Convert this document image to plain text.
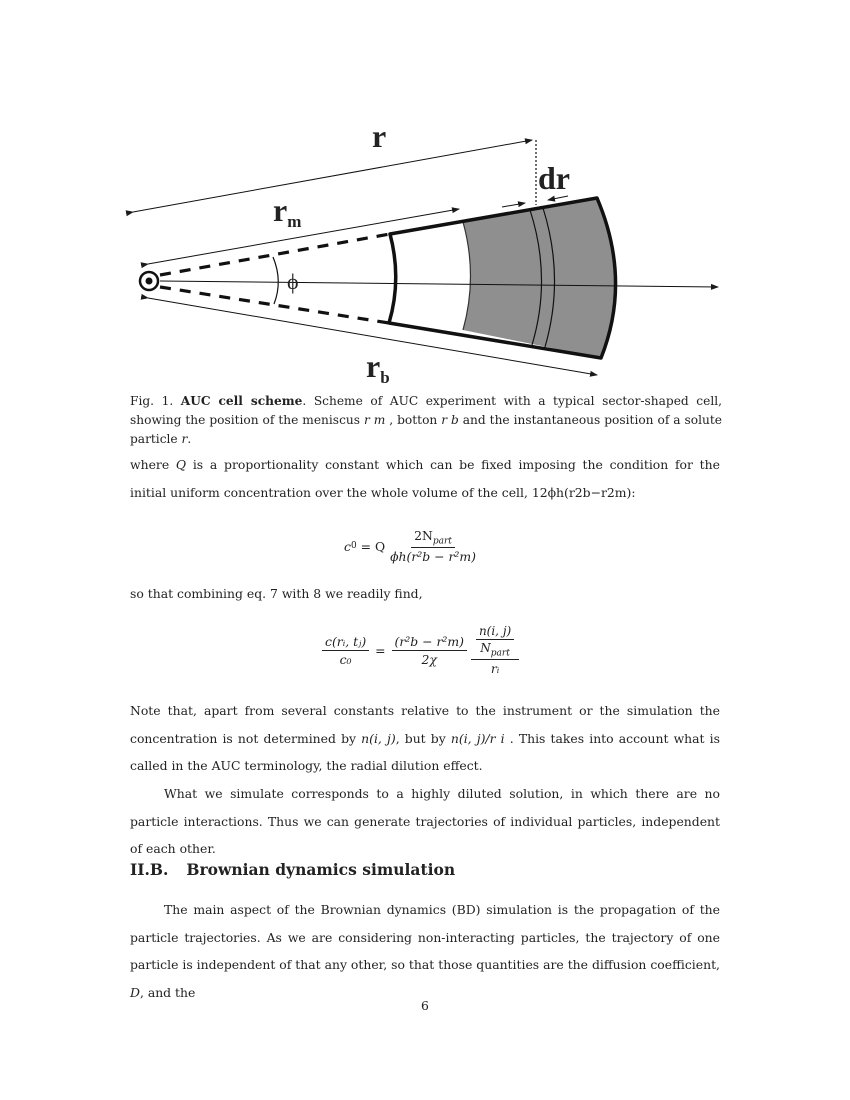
r
dr
rm
rb
ϕ
Fig. 1. AUC cell scheme. Scheme of AUC experiment with a typical sector-shaped cell, showing the position of the meniscus r m , botton r b and the instantaneous position of a solute particle r.
where Q is a proportionality constant which can be fixed imposing the condition for the initial uniform concentration over the whole volume of the cell, 12ϕh(r2b−r2m):
c 0 = Q $\frac{2N_{part}}{\text{ϕh(r²b − r²m)}}$
so that combining eq. 7 with 8 we readily find,
$\frac{\text{c(rᵢ, tⱼ)}}{\text{c₀}} = \frac{\text{(r²b − r²m)}}{2\chi} \frac{\frac{n(i, j)}{N_{part}}}{\text{rᵢ}}$
Note that, apart from several constants relative to the instrument or the simulation the concentration is not determined by n(i, j), but by n(i, j)/r i . This takes into account what is called in the AUC terminology, the radial dilution effect.
What we simulate corresponds to a highly diluted solution, in which there are no particle interactions. Thus we can generate trajectories of individual particles, independent of each other.
II.B. Brownian dynamics simulation
The main aspect of the Brownian dynamics (BD) simulation is the propagation of the particle trajectories. As we are considering non-interacting particles, the trajectory of one particle is independent of that any other, so that those quantities are the diffusion coefficient, D, and the
6
